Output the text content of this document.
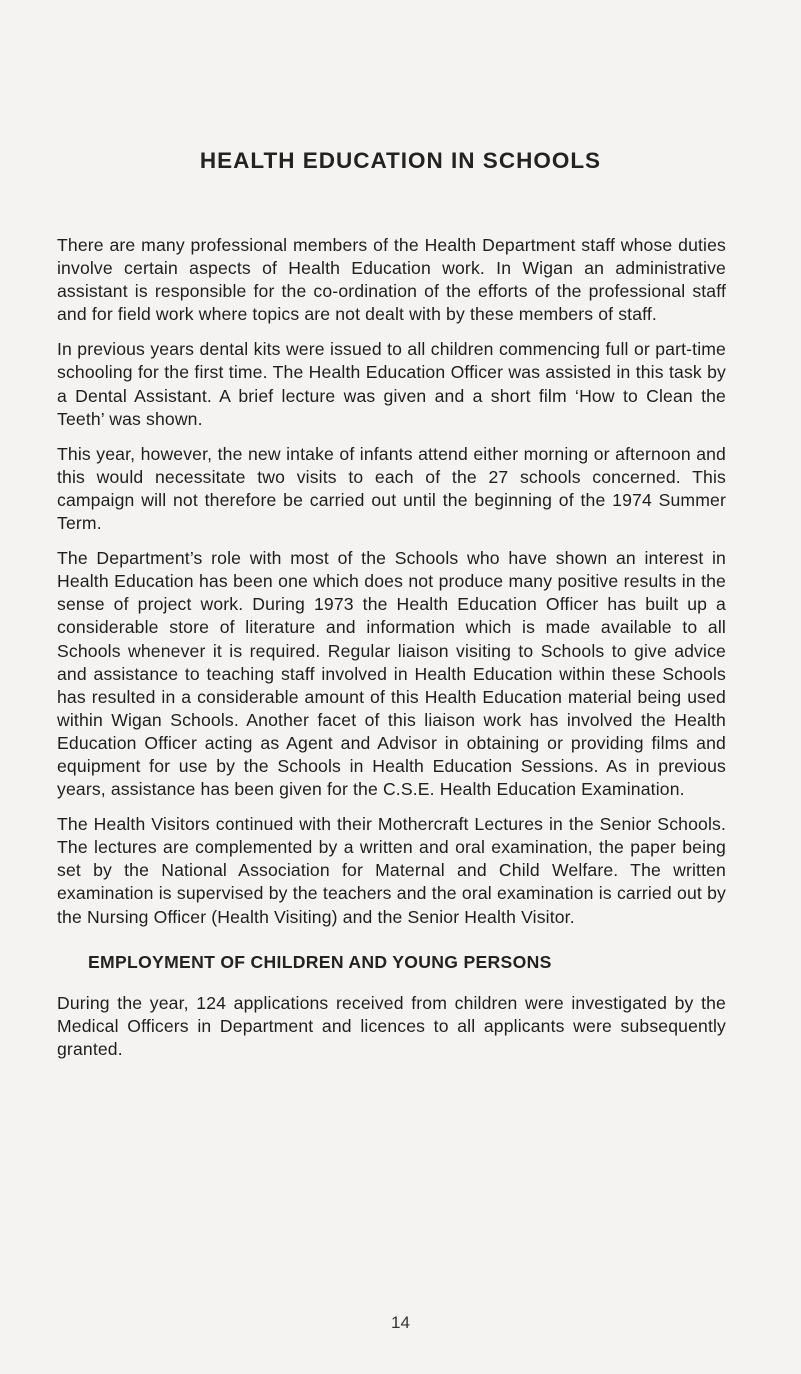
HEALTH EDUCATION IN SCHOOLS

There are many professional members of the Health Department staff whose duties involve certain aspects of Health Education work. In Wigan an administrative assistant is responsible for the co-ordination of the efforts of the professional staff and for field work where topics are not dealt with by these members of staff.

In previous years dental kits were issued to all children commencing full or part-time schooling for the first time. The Health Education Officer was assisted in this task by a Dental Assistant. A brief lecture was given and a short film ‘How to Clean the Teeth’ was shown.

This year, however, the new intake of infants attend either morning or afternoon and this would necessitate two visits to each of the 27 schools concerned. This campaign will not therefore be carried out until the beginning of the 1974 Summer Term.

The Department’s role with most of the Schools who have shown an interest in Health Education has been one which does not produce many positive results in the sense of project work. During 1973 the Health Education Officer has built up a considerable store of literature and information which is made available to all Schools whenever it is required. Regular liaison visiting to Schools to give advice and assistance to teaching staff involved in Health Education within these Schools has resulted in a considerable amount of this Health Education material being used within Wigan Schools. Another facet of this liaison work has involved the Health Education Officer acting as Agent and Advisor in obtaining or providing films and equipment for use by the Schools in Health Education Sessions. As in previous years, assistance has been given for the C.S.E. Health Education Examination.

The Health Visitors continued with their Mothercraft Lectures in the Senior Schools. The lectures are complemented by a written and oral examination, the paper being set by the National Association for Maternal and Child Welfare. The written examination is supervised by the teachers and the oral examination is carried out by the Nursing Officer (Health Visiting) and the Senior Health Visitor.

EMPLOYMENT OF CHILDREN AND YOUNG PERSONS

During the year, 124 applications received from children were investigated by the Medical Officers in Department and licences to all applicants were subsequently granted.

14
